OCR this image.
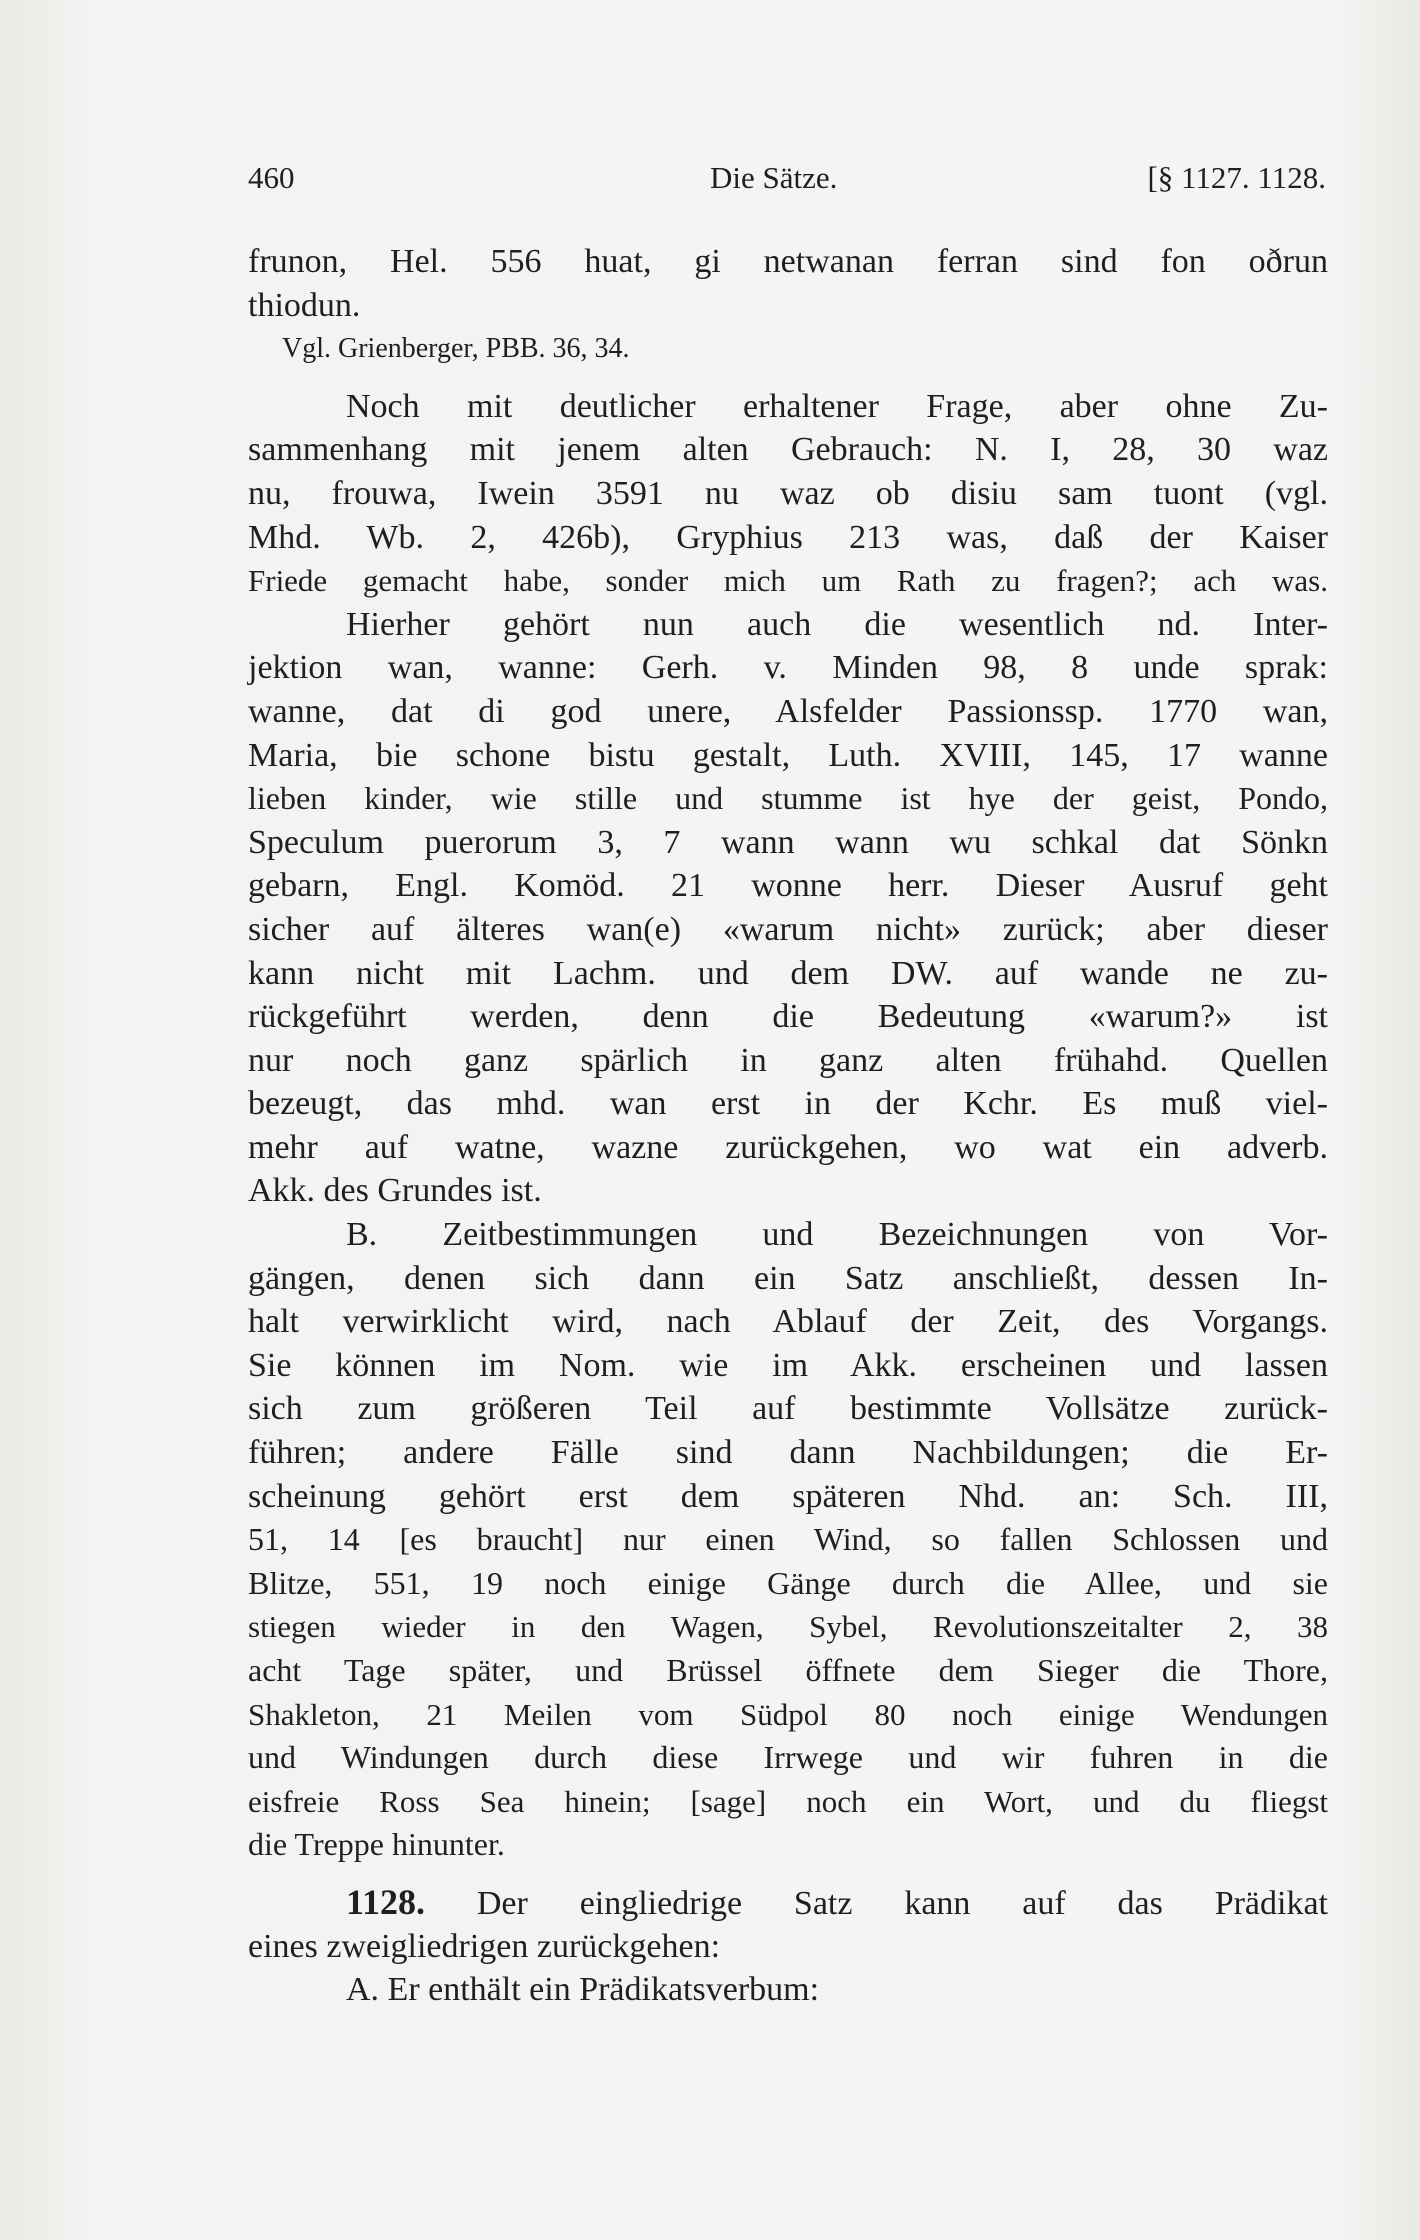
460	Die Sätze.	[§ 1127. 1128.
frunon, Hel. 556 huat, gi netwanan ferran sind fon oðrun
thiodun.
Vgl. Grienberger, PBB. 36, 34.
Noch mit deutlicher erhaltener Frage, aber ohne Zu-
sammenhang mit jenem alten Gebrauch: N. I, 28, 30 waz
nu, frouwa, Iwein 3591 nu waz ob disiu sam tuont (vgl.
Mhd. Wb. 2, 426b), Gryphius 213 was, daß der Kaiser
Friede gemacht habe, sonder mich um Rath zu fragen?; ach was.
Hierher gehört nun auch die wesentlich nd. Inter-
jektion wan, wanne: Gerh. v. Minden 98, 8 unde sprak:
wanne, dat di god unere, Alsfelder Passionssp. 1770 wan,
Maria, bie schone bistu gestalt, Luth. XVIII, 145, 17 wanne
lieben kinder, wie stille und stumme ist hye der geist, Pondo,
Speculum puerorum 3, 7 wann wann wu schkal dat Sönkn
gebarn, Engl. Komöd. 21 wonne herr. Dieser Ausruf geht
sicher auf älteres wan(e) «warum nicht» zurück; aber dieser
kann nicht mit Lachm. und dem DW. auf wande ne zu-
rückgeführt werden, denn die Bedeutung «warum?» ist
nur noch ganz spärlich in ganz alten frühahd. Quellen
bezeugt, das mhd. wan erst in der Kchr. Es muß viel-
mehr auf watne, wazne zurückgehen, wo wat ein adverb.
Akk. des Grundes ist.
B. Zeitbestimmungen und Bezeichnungen von Vor-
gängen, denen sich dann ein Satz anschließt, dessen In-
halt verwirklicht wird, nach Ablauf der Zeit, des Vorgangs.
Sie können im Nom. wie im Akk. erscheinen und lassen
sich zum größeren Teil auf bestimmte Vollsätze zurück-
führen; andere Fälle sind dann Nachbildungen; die Er-
scheinung gehört erst dem späteren Nhd. an: Sch. III,
51, 14 [es braucht] nur einen Wind, so fallen Schlossen und
Blitze, 551, 19 noch einige Gänge durch die Allee, und sie
stiegen wieder in den Wagen, Sybel, Revolutionszeitalter 2, 38
acht Tage später, und Brüssel öffnete dem Sieger die Thore,
Shakleton, 21 Meilen vom Südpol 80 noch einige Wendungen
und Windungen durch diese Irrwege und wir fuhren in die
eisfreie Ross Sea hinein; [sage] noch ein Wort, und du fliegst
die Treppe hinunter.
1128. Der eingliedrige Satz kann auf das Prädikat
eines zweigliedrigen zurückgehen:
A. Er enthält ein Prädikatsverbum:
